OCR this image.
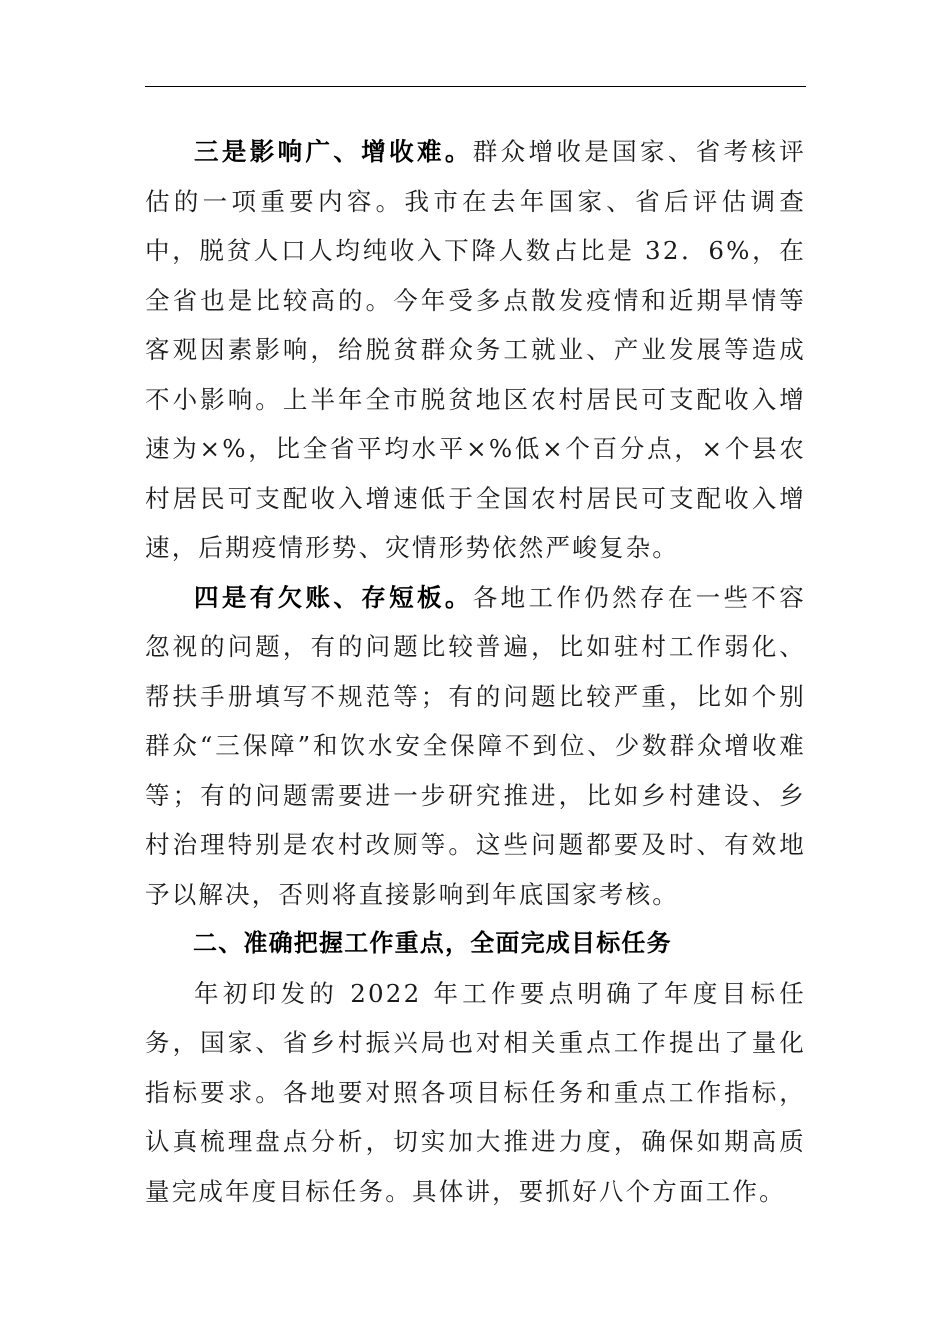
三是影响广、增收难。群众增收是国家、省考核评估的一项重要内容。我市在去年国家、省后评估调查中，脱贫人口人均纯收入下降人数占比是 32．6%，在全省也是比较高的。今年受多点散发疫情和近期旱情等客观因素影响，给脱贫群众务工就业、产业发展等造成不小影响。上半年全市脱贫地区农村居民可支配收入增速为×%，比全省平均水平×%低×个百分点，×个县农村居民可支配收入增速低于全国农村居民可支配收入增速，后期疫情形势、灾情形势依然严峻复杂。

四是有欠账、存短板。各地工作仍然存在一些不容忽视的问题，有的问题比较普遍，比如驻村工作弱化、帮扶手册填写不规范等；有的问题比较严重，比如个别群众“三保障”和饮水安全保障不到位、少数群众增收难等；有的问题需要进一步研究推进，比如乡村建设、乡村治理特别是农村改厕等。这些问题都要及时、有效地予以解决，否则将直接影响到年底国家考核。

二、准确把握工作重点，全面完成目标任务

年初印发的 2022 年工作要点明确了年度目标任务，国家、省乡村振兴局也对相关重点工作提出了量化指标要求。各地要对照各项目标任务和重点工作指标，认真梳理盘点分析，切实加大推进力度，确保如期高质量完成年度目标任务。具体讲，要抓好八个方面工作。
